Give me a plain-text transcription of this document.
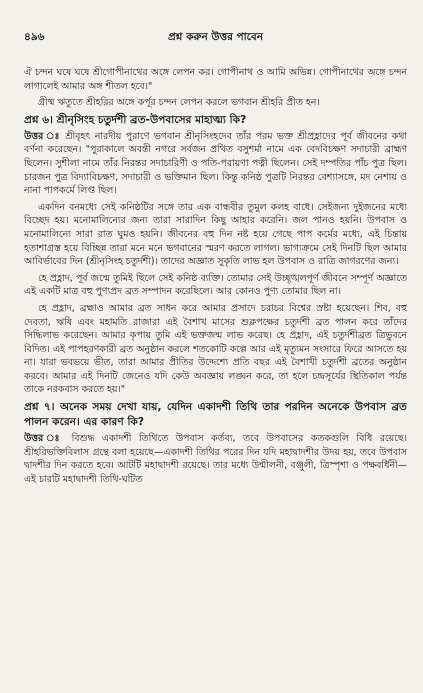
৪৯৬	প্রশ্ন করুন উত্তর পাবেন

ঐ চন্দন ঘষে ঘষে শ্রীগোপীনাথের অঙ্গে লেপন কর। গোপীনাথ ও আমি অভিন্ন। গোপীনাথের অঙ্গে চন্দন লাগালেই আমার অঙ্গ শীতল হবে।"

গ্রীষ্ম ঋতুতে শ্রীহরির অঙ্গে কর্পূর চন্দন লেপন করলে ভগবান শ্রীহরি প্রীত হন।

প্রশ্ন ৬। শ্রীনৃসিংহ চতুর্দশী ব্রত-উপবাসের মাহাত্ম্য কি?

উত্তর ঃ শ্রীবৃহৎ নারদীয় পুরাণে ভগবান শ্রীনৃসিংহদেব তাঁর পরম ভক্ত শ্রীপ্রহ্লাদের পূর্ব জীবনের কথা বর্ণনা করেছেন। "পুরাকালে অবন্তী নগরে সর্বজন প্রথিত বসুশর্মা নামে এক বেদবিচক্ষণ সদাচারী ব্রাহ্মণ ছিলেন। সুশীলা নামে তাঁর নিরন্তর সদাচারিণী ও পতি-পরায়ণা পত্নী ছিলেন। সেই দম্পতির পাঁচ পুত্র ছিল। চারজন পুত্র বিদ্যাবিচক্ষণ, সদাচারী ও ভক্তিমান ছিল। কিন্তু কনিষ্ঠ পুত্রটি নিরন্তর বেশ্যাসঙ্গে, মদ নেশায় ও নানা পাপকর্মে লিপ্ত ছিল।

একদিন বনমধ্যে সেই কনিষ্ঠটির সঙ্গে তার এক বান্ধবীর তুমুল কলহ বাধে। সেইজন্য দুইজনের মধ্যে বিচ্ছেদ হয়। মনোমালিন্যের জন্য তারা সারাদিন কিছু আহার করেনি। জল পানও হয়নি। উপবাস ও মনোমালিন্যে সারা রাত ঘুমও হয়নি। জীবনের বহু দিন নষ্ট হয়ে গেছে পাপ কর্মের মধ্যে, এই চিন্তায় হতাশাগ্রস্ত হয়ে বিচ্ছিন্ন তারা মনে মনে ভগবানের স্মরণ করতে লাগল। ভাগ্যক্রমে সেই দিনটি ছিল আমার আবির্ভাবের দিন (শ্রীনৃসিংহ চতুর্দশী)। তাদের অজ্ঞাত সুকৃতি লাভ হল উপবাস ও রাত্রি জাগরণের জন্য।

হে প্রহ্লাদ, পূর্ব জন্মে তুমিই ছিলে সেই কনিষ্ঠ ব্যক্তি। তোমার সেই উচ্ছৃঙ্খলপূর্ণ জীবনে সম্পূর্ণ অজ্ঞাতে এই একটি মাত্র বহু পুণ্যপ্রদ ব্রত সম্পাদন করেছিলে। আর কোনও পুণ্য তোমার ছিল না।

হে প্রহ্লাদ, ব্রহ্মাও আমার ব্রত সাধন করে আমার প্রসাদে চরাচর বিশ্বের স্রষ্টা হয়েছেন। শিব, বহু দেবতা, ঋষি এবং মহামতি রাজারা এই বৈশাখ মাসের শুক্লপক্ষের চতুর্দশী ব্রত পালন করে তাঁদের সিদ্ধিলাভ করেছেন। আমার কৃপায় তুমি এই ভক্তজন্ম লাভ করেছ। হে প্রহ্লাদ, এই চতুর্দশীব্রত ত্রিভুবনে বিদিত। এই পাপহরণকারী ব্রত অনুষ্ঠান করলে শতকোটি কল্পে আর এই মৃত্যুমন সংসারে ফিরে আসতে হয় না। যারা ভবভয়ে ভীত, তারা আমার প্রীতির উদ্দেশ্যে প্রতি বছর এই বৈশাখী চতুর্দশী ব্রতের অনুষ্ঠান করবে। আমার এই দিনটি জেনেও যদি কেউ অবজ্ঞায় লঙ্ঘন করে, তা হলে চন্দ্রসূর্যের স্থিতিকাল পর্যন্ত তাকে নরকবাস করতে হয়।"

প্রশ্ন ৭। অনেক সময় দেখা যায়, যেদিন একাদশী তিথি তার পরদিন অনেকে উপবাস ব্রত পালন করেন। এর কারণ কি?

উত্তর ঃ বিশুদ্ধ একাদশী তিথিতে উপবাস কর্তব্য, তবে উপবাসের কতকগুলি বিধি রয়েছে। শ্রীহরিভক্তিবিলাস গ্রন্থে বলা হয়েছে—একাদশী তিথির পরের দিন যদি মহাদ্বাদশীর উদয় হয়, তবে উপবাস দ্বাদশীর দিন করতে হবে। আটটি মহাদ্বাদশী রয়েছে। তার মধ্যে উন্মীলনী, বঞ্জুলী, ত্রিস্পৃশা ও পক্ষবর্ধিনী—এই চারটি মহাদ্বাদশী তিথি-ঘটিত
